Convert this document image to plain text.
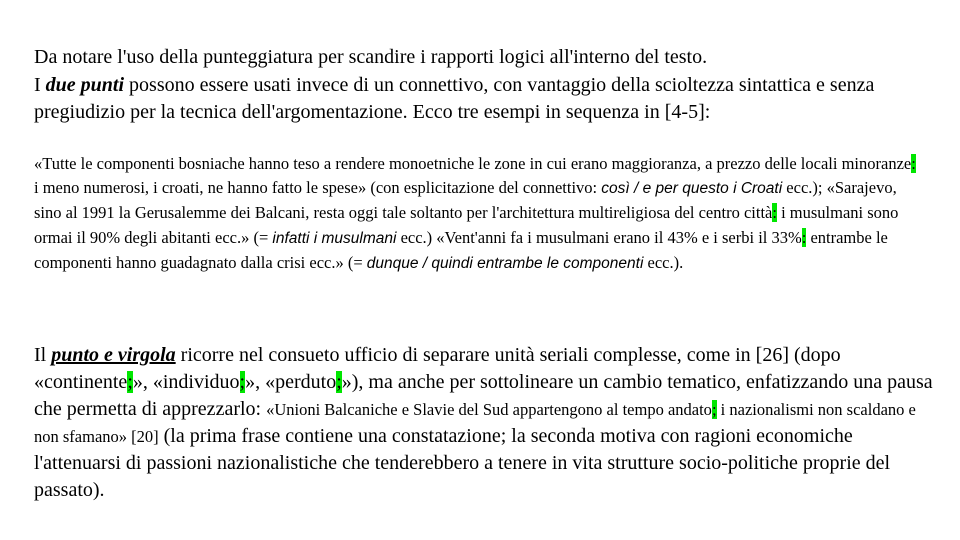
Da notare l'uso della punteggiatura per scandire i rapporti logici all'interno del testo.
I due punti possono essere usati invece di un connettivo, con vantaggio della scioltezza sintattica e senza pregiudizio per la tecnica dell'argomentazione. Ecco tre esempi in sequenza in [4-5]:

«Tutte le componenti bosniache hanno teso a rendere monoetniche le zone in cui erano maggioranza, a prezzo delle locali minoranze: i meno numerosi, i croati, ne hanno fatto le spese» (con esplicitazione del connettivo: così / e per questo i Croati ecc.); «Sarajevo, sino al 1991 la Gerusalemme dei Balcani, resta oggi tale soltanto per l'architettura multireligiosa del centro città: i musulmani sono ormai il 90% degli abitanti ecc.» (= infatti i musulmani ecc.) «Vent'anni fa i musulmani erano il 43% e i serbi il 33%: entrambe le componenti hanno guadagnato dalla crisi ecc.» (= dunque / quindi entrambe le componenti ecc.).

Il punto e virgola ricorre nel consueto ufficio di separare unità seriali complesse, come in [26] (dopo «continente;», «individuo;», «perduto;»), ma anche per sottolineare un cambio tematico, enfatizzando una pausa che permetta di apprezzarlo: «Unioni Balcaniche e Slavie del Sud appartengono al tempo andato; i nazionalismi non scaldano e non sfamano» [20] (la prima frase contiene una constatazione; la seconda motiva con ragioni economiche l'attenuarsi di passioni nazionalistiche che tenderebbero a tenere in vita strutture socio-politiche proprie del passato).
